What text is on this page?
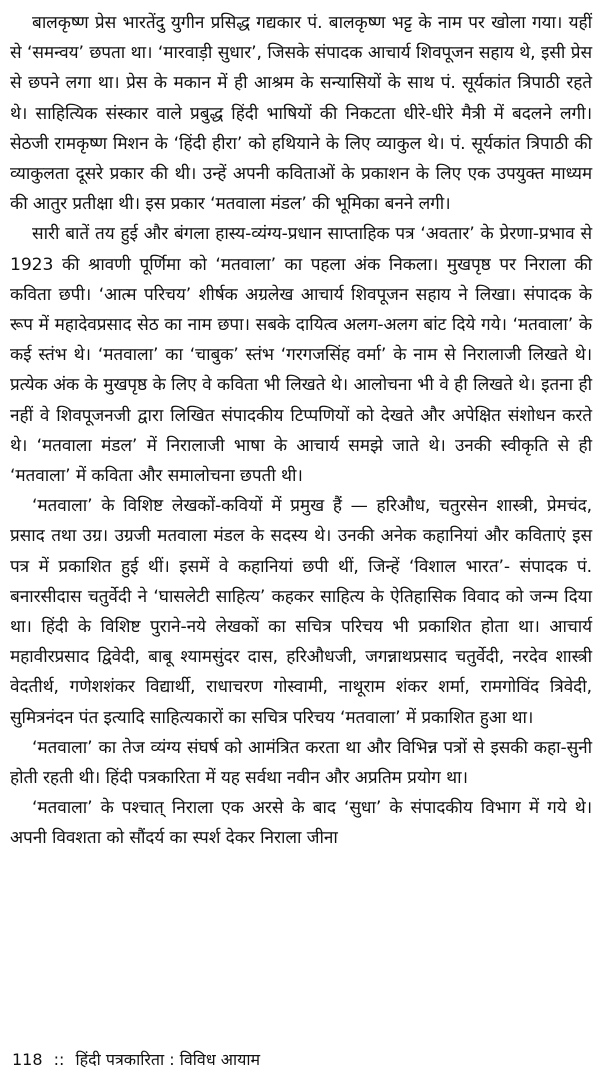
बालकृष्ण प्रेस भारतेंदु युगीन प्रसिद्ध गद्यकार पं. बालकृष्ण भट्ट के नाम पर खोला गया। यहीं से ‘समन्वय’ छपता था। ‘मारवाड़ी सुधार’, जिसके संपादक आचार्य शिवपूजन सहाय थे, इसी प्रेस से छपने लगा था। प्रेस के मकान में ही आश्रम के सन्यासियों के साथ पं. सूर्यकांत त्रिपाठी रहते थे। साहित्यिक संस्कार वाले प्रबुद्ध हिंदी भाषियों की निकटता धीरे-धीरे मैत्री में बदलने लगी। सेठजी रामकृष्ण मिशन के ‘हिंदी हीरा’ को हथियाने के लिए व्याकुल थे। पं. सूर्यकांत त्रिपाठी की व्याकुलता दूसरे प्रकार की थी। उन्हें अपनी कविताओं के प्रकाशन के लिए एक उपयुक्त माध्यम की आतुर प्रतीक्षा थी। इस प्रकार ‘मतवाला मंडल’ की भूमिका बनने लगी।

सारी बातें तय हुई और बंगला हास्य-व्यंग्य-प्रधान साप्ताहिक पत्र ‘अवतार’ के प्रेरणा-प्रभाव से 1923 की श्रावणी पूर्णिमा को ‘मतवाला’ का पहला अंक निकला। मुखपृष्ठ पर निराला की कविता छपी। ‘आत्म परिचय’ शीर्षक अग्रलेख आचार्य शिवपूजन सहाय ने लिखा। संपादक के रूप में महादेवप्रसाद सेठ का नाम छपा। सबके दायित्व अलग-अलग बांट दिये गये। ‘मतवाला’ के कई स्तंभ थे। ‘मतवाला’ का ‘चाबुक’ स्तंभ ‘गरगजसिंह वर्मा’ के नाम से निरालाजी लिखते थे। प्रत्येक अंक के मुखपृष्ठ के लिए वे कविता भी लिखते थे। आलोचना भी वे ही लिखते थे। इतना ही नहीं वे शिवपूजनजी द्वारा लिखित संपादकीय टिप्पणियों को देखते और अपेक्षित संशोधन करते थे। ‘मतवाला मंडल’ में निरालाजी भाषा के आचार्य समझे जाते थे। उनकी स्वीकृति से ही ‘मतवाला’ में कविता और समालोचना छपती थी।

‘मतवाला’ के विशिष्ट लेखकों-कवियों में प्रमुख हैं — हरिऔध, चतुरसेन शास्त्री, प्रेमचंद, प्रसाद तथा उग्र। उग्रजी मतवाला मंडल के सदस्य थे। उनकी अनेक कहानियां और कविताएं इस पत्र में प्रकाशित हुई थीं। इसमें वे कहानियां छपी थीं, जिन्हें ‘विशाल भारत’- संपादक पं. बनारसीदास चतुर्वेदी ने ‘घासलेटी साहित्य’ कहकर साहित्य के ऐतिहासिक विवाद को जन्म दिया था। हिंदी के विशिष्ट पुराने-नये लेखकों का सचित्र परिचय भी प्रकाशित होता था। आचार्य महावीरप्रसाद द्विवेदी, बाबू श्यामसुंदर दास, हरिऔधजी, जगन्नाथप्रसाद चतुर्वेदी, नरदेव शास्त्री वेदतीर्थ, गणेशशंकर विद्यार्थी, राधाचरण गोस्वामी, नाथूराम शंकर शर्मा, रामगोविंद त्रिवेदी, सुमित्रनंदन पंत इत्यादि साहित्यकारों का सचित्र परिचय ‘मतवाला’ में प्रकाशित हुआ था।

‘मतवाला’ का तेज व्यंग्य संघर्ष को आमंत्रित करता था और विभिन्न पत्रों से इसकी कहा-सुनी होती रहती थी। हिंदी पत्रकारिता में यह सर्वथा नवीन और अप्रतिम प्रयोग था।

‘मतवाला’ के पश्चात् निराला एक अरसे के बाद ‘सुधा’ के संपादकीय विभाग में गये थे। अपनी विवशता को सौंदर्य का स्पर्श देकर निराला जीना

118 :: हिंदी पत्रकारिता : विविध आयाम
